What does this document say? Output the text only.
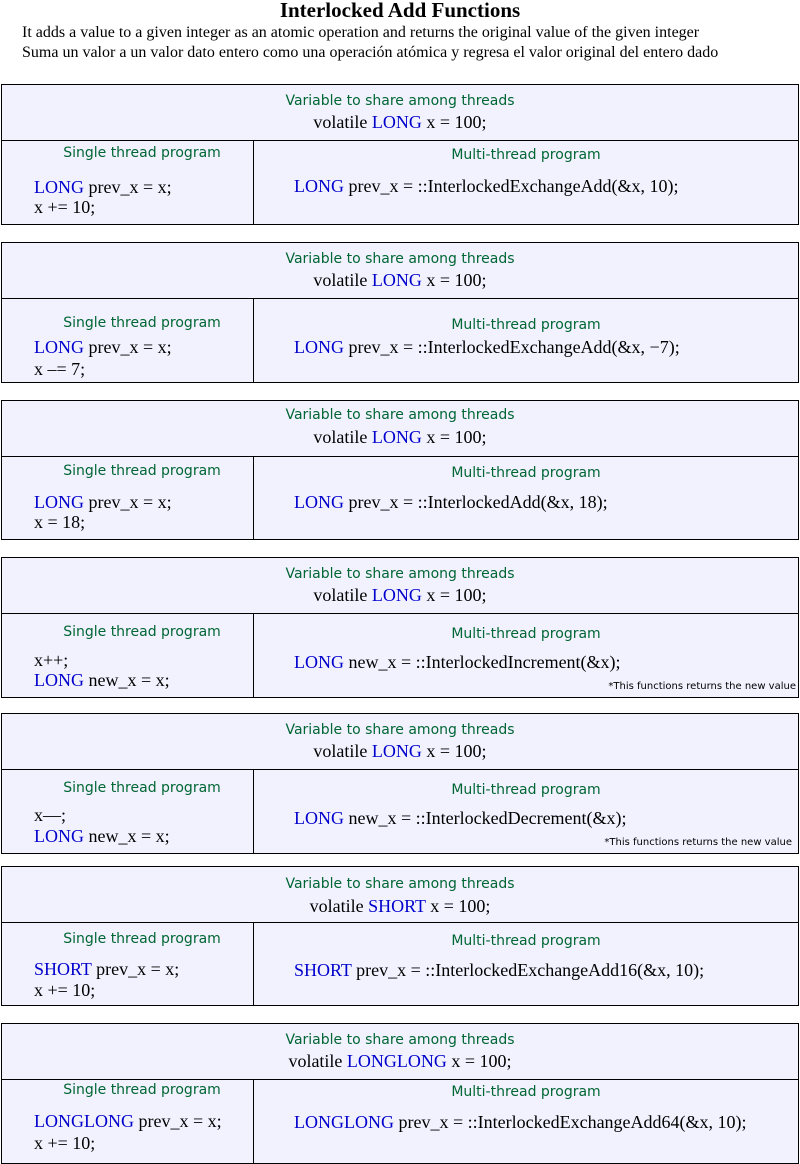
Interlocked Add Functions
It adds a value to a given integer as an atomic operation and returns the original value of the given integer
Suma un valor a un valor dato entero como una operación atómica y regresa el valor original del entero dado
Variable to share among threads
volatile LONG x = 100;
Single thread program
LONG prev_x = x;
x += 10;
Multi-thread program
LONG prev_x = ::InterlockedExchangeAdd(&x, 10);
Variable to share among threads
volatile LONG x = 100;
Single thread program
LONG prev_x = x;
x –= 7;
Multi-thread program
LONG prev_x = ::InterlockedExchangeAdd(&x, −7);
Variable to share among threads
volatile LONG x = 100;
Single thread program
LONG prev_x = x;
x = 18;
Multi-thread program
LONG prev_x = ::InterlockedAdd(&x, 18);
Variable to share among threads
volatile LONG x = 100;
Single thread program
x++;
LONG new_x = x;
Multi-thread program
LONG new_x = ::InterlockedIncrement(&x);
*This functions returns the new value
Variable to share among threads
volatile LONG x = 100;
Single thread program
x––;
LONG new_x = x;
Multi-thread program
LONG new_x = ::InterlockedDecrement(&x);
*This functions returns the new value
Variable to share among threads
volatile SHORT x = 100;
Single thread program
SHORT prev_x = x;
x += 10;
Multi-thread program
SHORT prev_x = ::InterlockedExchangeAdd16(&x, 10);
Variable to share among threads
volatile LONGLONG x = 100;
Single thread program
LONGLONG prev_x = x;
x += 10;
Multi-thread program
LONGLONG prev_x = ::InterlockedExchangeAdd64(&x, 10);
